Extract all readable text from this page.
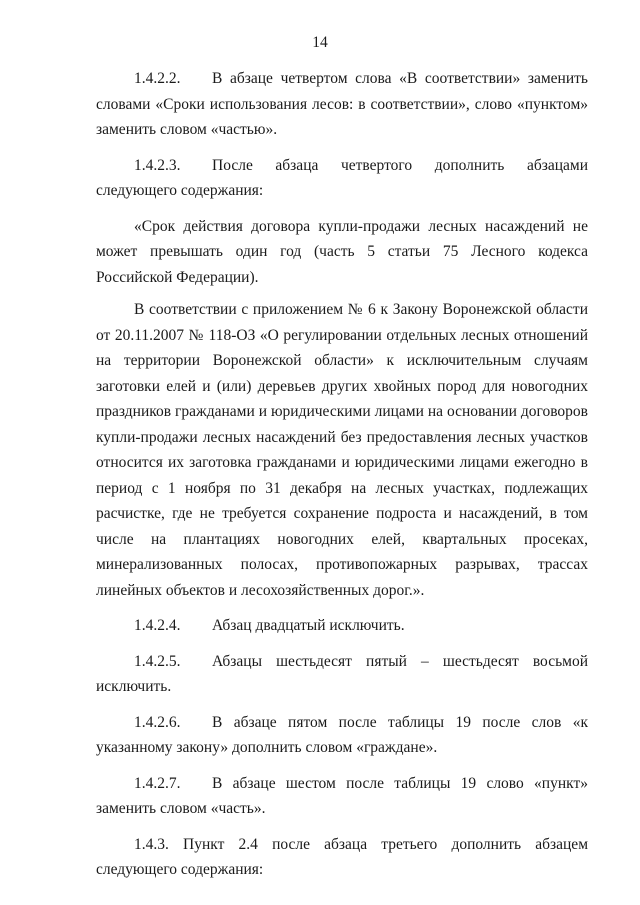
14

1.4.2.2. В абзаце четвертом слова «В соответствии» заменить словами «Сроки использования лесов: в соответствии», слово «пунктом» заменить словом «частью».

1.4.2.3. После абзаца четвертого дополнить абзацами следующего содержания:

«Срок действия договора купли-продажи лесных насаждений не может превышать один год (часть 5 статьи 75 Лесного кодекса Российской Федерации).

В соответствии с приложением № 6 к Закону Воронежской области от 20.11.2007 № 118-ОЗ «О регулировании отдельных лесных отношений на территории Воронежской области» к исключительным случаям заготовки елей и (или) деревьев других хвойных пород для новогодних праздников гражданами и юридическими лицами на основании договоров купли-продажи лесных насаждений без предоставления лесных участков относится их заготовка гражданами и юридическими лицами ежегодно в период с 1 ноября по 31 декабря на лесных участках, подлежащих расчистке, где не требуется сохранение подроста и насаждений, в том числе на плантациях новогодних елей, квартальных просеках, минерализованных полосах, противопожарных разрывах, трассах линейных объектов и лесохозяйственных дорог.».

1.4.2.4. Абзац двадцатый исключить.

1.4.2.5. Абзацы шестьдесят пятый – шестьдесят восьмой исключить.

1.4.2.6. В абзаце пятом после таблицы 19 после слов «к указанному закону» дополнить словом «граждане».

1.4.2.7. В абзаце шестом после таблицы 19 слово «пункт» заменить словом «часть».

1.4.3. Пункт 2.4 после абзаца третьего дополнить абзацем следующего содержания:
